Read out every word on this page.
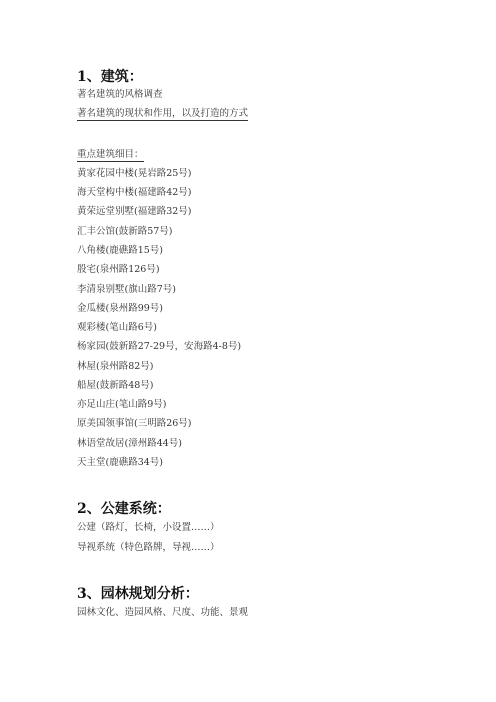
1、建筑：
著名建筑的风格调查
著名建筑的现状和作用，以及打造的方式
重点建筑细目：
黄家花园中楼(晃岩路25号)
海天堂构中楼(福建路42号)
黄荣远堂别墅(福建路32号)
汇丰公馆(鼓新路57号)
八角楼(鹿礁路15号)
殷宅(泉州路126号)
李清泉别墅(旗山路7号)
金瓜楼(泉州路99号)
观彩楼(笔山路6号)
杨家园(鼓新路27-29号，安海路4-8号)
林屋(泉州路82号)
船屋(鼓新路48号)
亦足山庄(笔山路9号)
原美国领事馆(三明路26号)
林语堂故居(漳州路44号)
天主堂(鹿礁路34号)
2、公建系统：
公建（路灯，长椅，小设置……）
导视系统（特色路牌，导视……）
3、园林规划分析：
园林文化、造园风格、尺度、功能、景观
